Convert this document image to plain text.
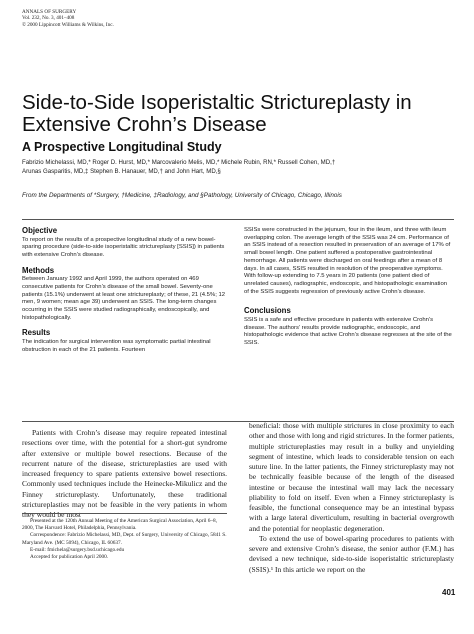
ANNALS OF SURGERY
Vol. 232, No. 3, 401–408
© 2000 Lippincott Williams & Wilkins, Inc.
Side-to-Side Isoperistaltic Strictureplasty in Extensive Crohn’s Disease
A Prospective Longitudinal Study
Fabrizio Michelassi, MD,* Roger D. Hurst, MD,* Marcovalerio Melis, MD,* Michele Rubin, RN,* Russell Cohen, MD,†
Arunas Gasparitis, MD,‡ Stephen B. Hanauer, MD,† and John Hart, MD,§
From the Departments of *Surgery, †Medicine, ‡Radiology, and §Pathology, University of Chicago, Chicago, Illinois
Objective

To report on the results of a prospective longitudinal study of a new bowel-sparing procedure (side-to-side isoperistaltic strictureplasty [SSIS]) in patients with extensive Crohn’s disease.

Methods

Between January 1992 and April 1999, the authors operated on 469 consecutive patients for Crohn’s disease of the small bowel. Seventy-one patients (15.1%) underwent at least one strictureplasty; of these, 21 (4.5%; 12 men, 9 women; mean age 39) underwent an SSIS. The long-term changes occurring in the SSIS were studied radiographically, endoscopically, and histopathologically.

Results

The indication for surgical intervention was symptomatic partial intestinal obstruction in each of the 21 patients. Fourteen

SSISs were constructed in the jejunum, four in the ileum, and three with ileum overlapping colon. The average length of the SSIS was 24 cm. Performance of an SSIS instead of a resection resulted in preservation of an average of 17% of small bowel length. One patient suffered a postoperative gastrointestinal hemorrhage. All patients were discharged on oral feedings after a mean of 8 days. In all cases, SSIS resulted in resolution of the preoperative symptoms. With follow-up extending to 7.5 years in 20 patients (one patient died of unrelated causes), radiographic, endoscopic, and histopathologic examination of the SSIS suggests regression of previously active Crohn’s disease.

Conclusions

SSIS is a safe and effective procedure in patients with extensive Crohn’s disease. The authors’ results provide radiographic, endoscopic, and histopathologic evidence that active Crohn’s disease regresses at the site of the SSIS.

Patients with Crohn’s disease may require repeated intestinal resections over time, with the potential for a short-gut syndrome after extensive or multiple bowel resections. Because of the recurrent nature of the disease, strictureplasties are used with increased frequency to spare patients extensive bowel resections. Commonly used techniques include the Heinecke-Mikulicz and the Finney strictureplasty. Unfortunately, these traditional strictureplasties may not be feasible in the very patients in whom they would be most

beneficial: those with multiple strictures in close proximity to each other and those with long and rigid strictures. In the former patients, multiple strictureplasties may result in a bulky and unyielding segment of intestine, which leads to considerable tension on each suture line. In the latter patients, the Finney strictureplasty may not be technically feasible because of the length of the diseased intestine or because the intestinal wall may lack the necessary pliability to fold on itself. Even when a Finney strictureplasty is feasible, the functional consequence may be an intestinal bypass with a large lateral diverticulum, resulting in bacterial overgrowth and the potential for neoplastic degeneration.

To extend the use of bowel-sparing procedures to patients with severe and extensive Crohn’s disease, the senior author (F.M.) has devised a new technique, side-to-side isoperistaltic strictureplasty (SSIS).¹ In this article we report on the

Presented at the 120th Annual Meeting of the American Surgical Association, April 6–8, 2000, The Harvard Hotel, Philadelphia, Pennsylvania.

Correspondence: Fabrizio Michelassi, MD, Dept. of Surgery, University of Chicago, 5841 S. Maryland Ave. (MC 5094), Chicago, IL 60637.

E-mail: fmichela@surgery.bsd.uchicago.edu

Accepted for publication April 2000.

401
